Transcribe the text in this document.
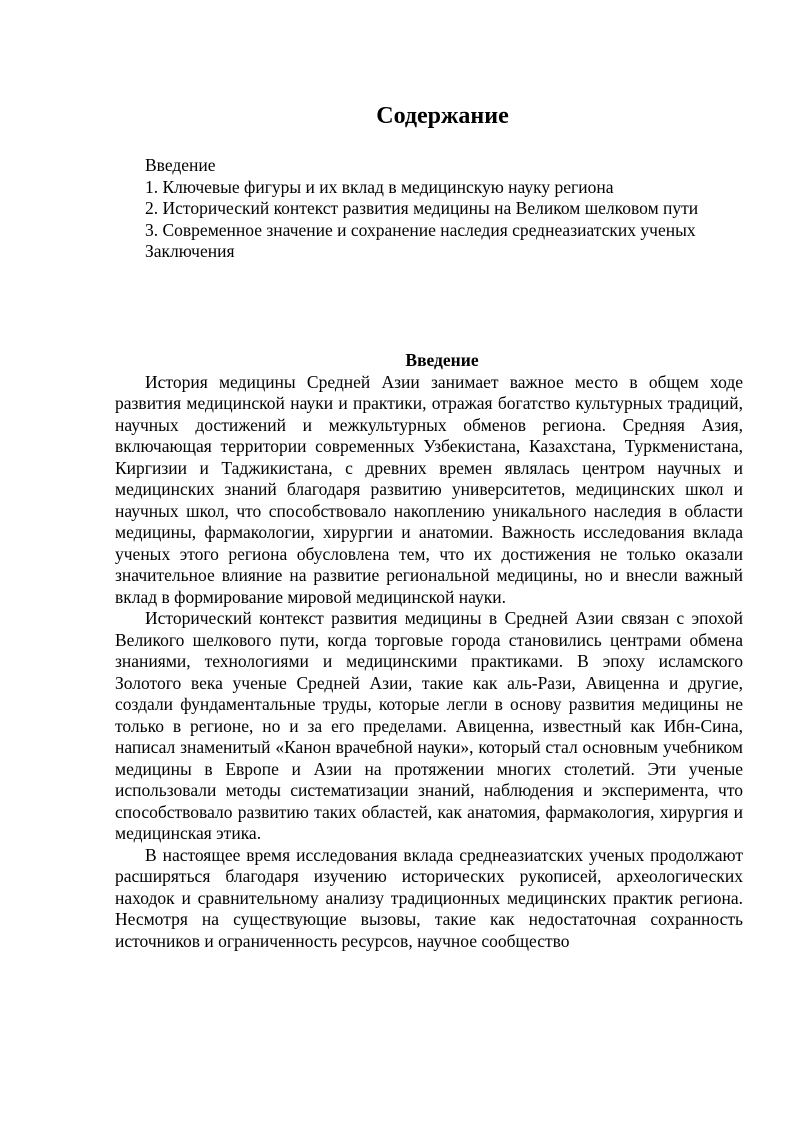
Содержание
Введение
1. Ключевые фигуры и их вклад в медицинскую науку региона
2. Исторический контекст развития медицины на Великом шелковом пути
3. Современное значение и сохранение наследия среднеазиатских ученых
Заключения
Введение

История медицины Средней Азии занимает важное место в общем ходе развития медицинской науки и практики, отражая богатство культурных традиций, научных достижений и межкультурных обменов региона. Средняя Азия, включающая территории современных Узбекистана, Казахстана, Туркменистана, Киргизии и Таджикистана, с древних времен являлась центром научных и медицинских знаний благодаря развитию университетов, медицинских школ и научных школ, что способствовало накоплению уникального наследия в области медицины, фармакологии, хирургии и анатомии. Важность исследования вклада ученых этого региона обусловлена тем, что их достижения не только оказали значительное влияние на развитие региональной медицины, но и внесли важный вклад в формирование мировой медицинской науки.

Исторический контекст развития медицины в Средней Азии связан с эпохой Великого шелкового пути, когда торговые города становились центрами обмена знаниями, технологиями и медицинскими практиками. В эпоху исламского Золотого века ученые Средней Азии, такие как аль-Рази, Авиценна и другие, создали фундаментальные труды, которые легли в основу развития медицины не только в регионе, но и за его пределами. Авиценна, известный как Ибн-Сина, написал знаменитый «Канон врачебной науки», который стал основным учебником медицины в Европе и Азии на протяжении многих столетий. Эти ученые использовали методы систематизации знаний, наблюдения и эксперимента, что способствовало развитию таких областей, как анатомия, фармакология, хирургия и медицинская этика.

В настоящее время исследования вклада среднеазиатских ученых продолжают расширяться благодаря изучению исторических рукописей, археологических находок и сравнительному анализу традиционных медицинских практик региона. Несмотря на существующие вызовы, такие как недостаточная сохранность источников и ограниченность ресурсов, научное сообщество
